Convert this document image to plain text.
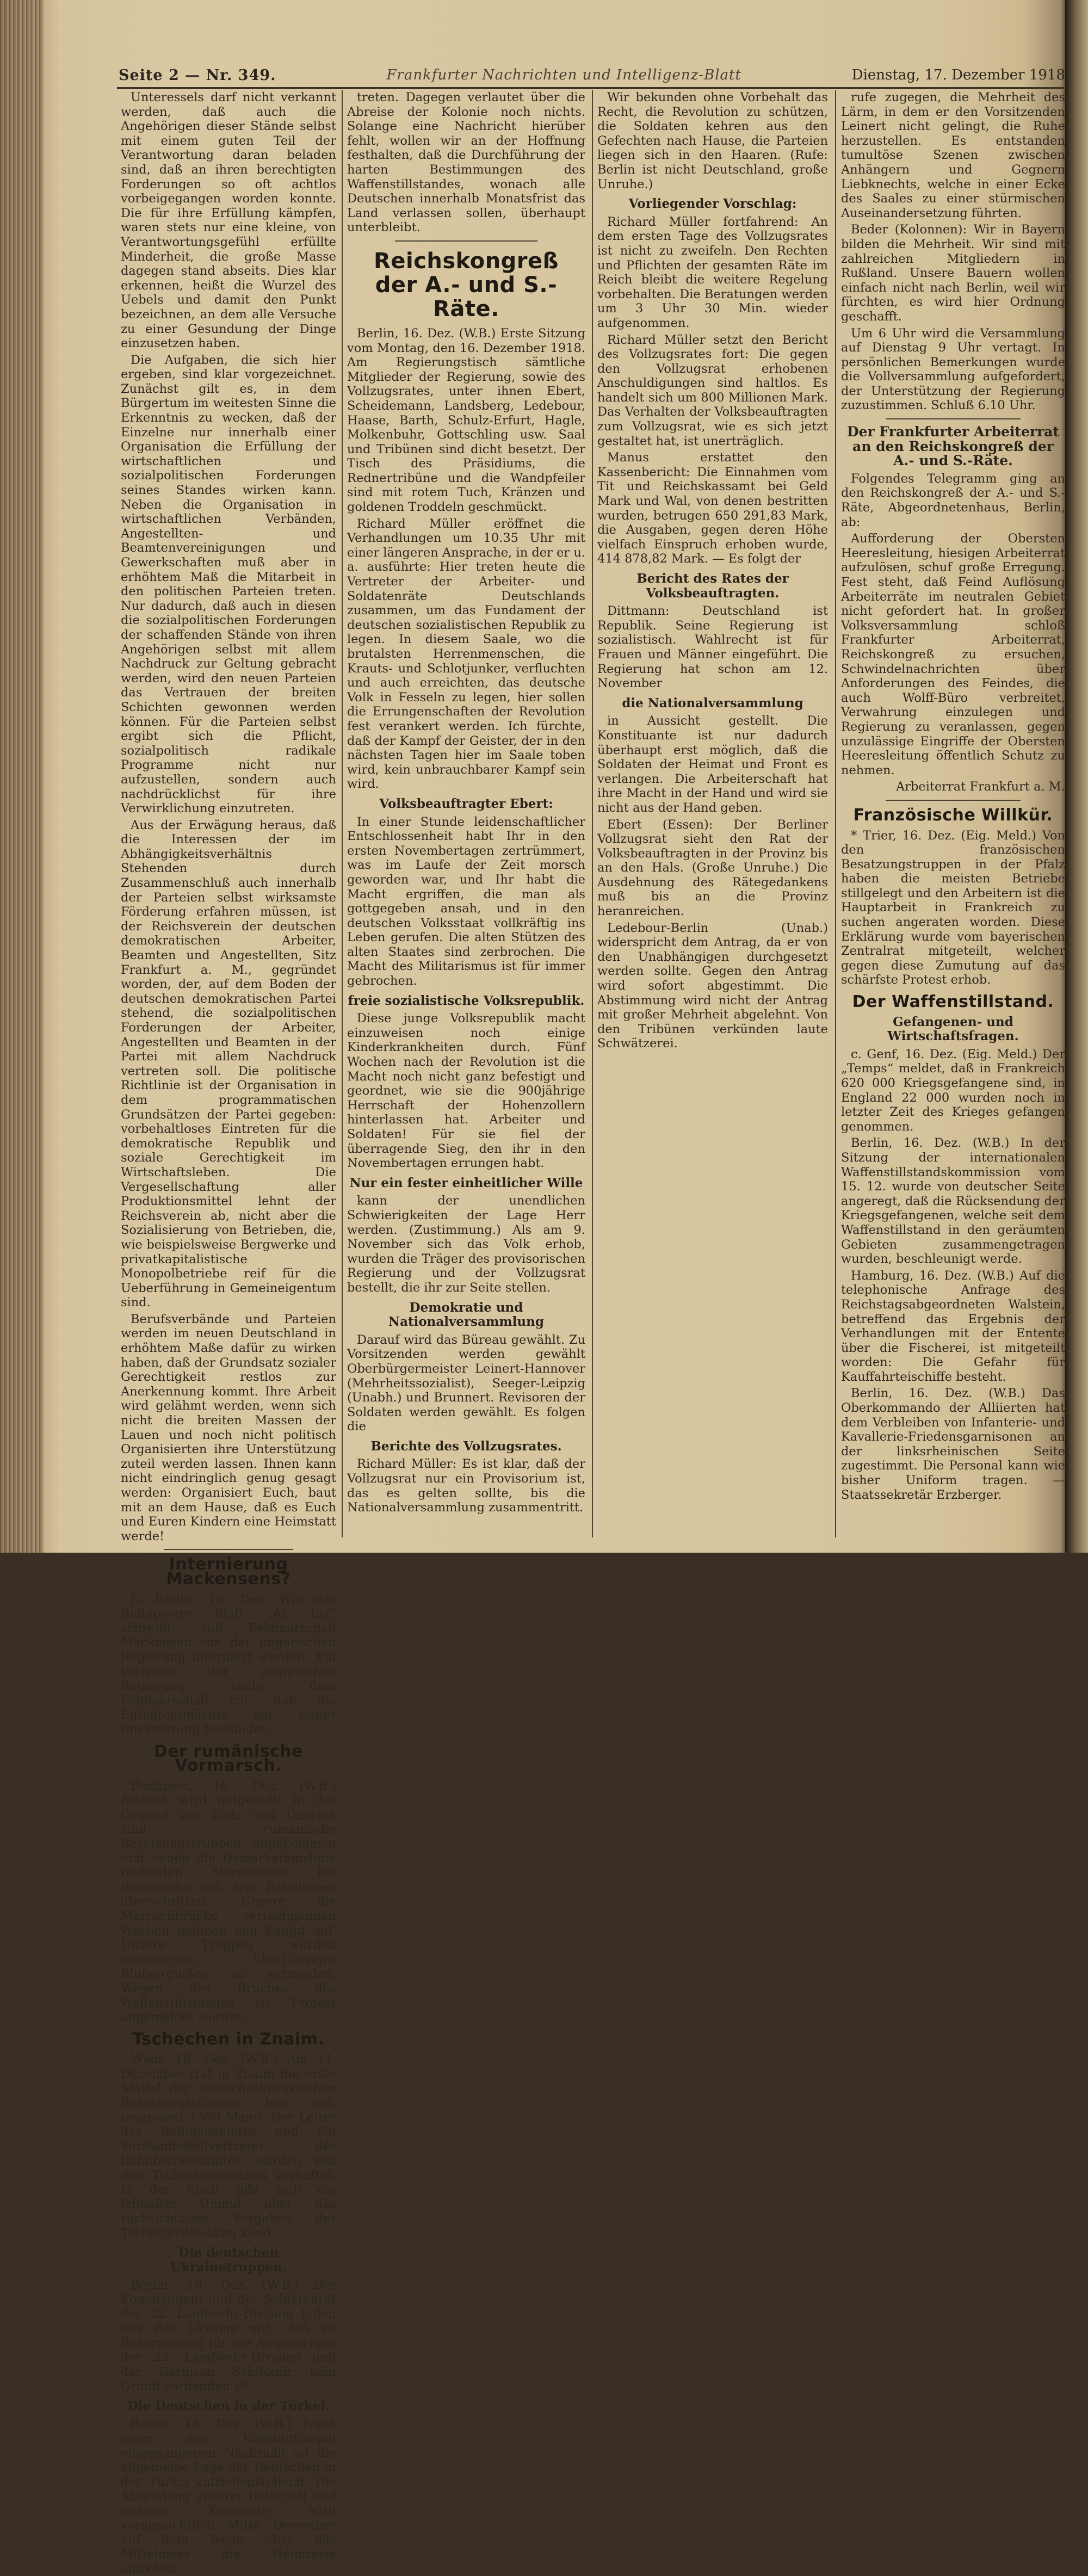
Seite 2 — Nr. 349.	Frankfurter Nachrichten und Intelligenz-Blatt	Dienstag, 17. Dezember 1918

Unteressels darf nicht verkannt werden, daß auch die Angehörigen dieser Stände selbst mit einem guten Teil der Verantwortung daran beladen sind, daß an ihren berechtigten Forderungen so oft achtlos vorbeigegangen worden konnte. Die für ihre Erfüllung kämpfen, waren stets nur eine kleine, von Verantwortungsgefühl erfüllte Minderheit, die große Masse dagegen stand abseits. Dies klar erkennen, heißt die Wurzel des Uebels und damit den Punkt bezeichnen, an dem alle Versuche zu einer Gesundung der Dinge einzusetzen haben.

Die Aufgaben, die sich hier ergeben, sind klar vorgezeichnet. Zunächst gilt es, in dem Bürgertum im weitesten Sinne die Erkenntnis zu wecken, daß der Einzelne nur innerhalb einer Organisation die Erfüllung der wirtschaftlichen und sozialpolitischen Forderungen seines Standes wirken kann. Neben die Organisation in wirtschaftlichen Verbänden, Angestellten- und Beamtenvereinigungen und Gewerkschaften muß aber in erhöhtem Maß die Mitarbeit in den politischen Parteien treten. Nur dadurch, daß auch in diesen die sozialpolitischen Forderungen der schaffenden Stände von ihren Angehörigen selbst mit allem Nachdruck zur Geltung gebracht werden, wird den neuen Parteien das Vertrauen der breiten Schichten gewonnen werden können. Für die Parteien selbst ergibt sich die Pflicht, sozialpolitisch radikale Programme nicht nur aufzustellen, sondern auch nachdrücklichst für ihre Verwirklichung einzutreten.

Aus der Erwägung heraus, daß die Interessen der im Abhängigkeitsverhältnis Stehenden durch Zusammenschluß auch innerhalb der Parteien selbst wirksamste Förderung erfahren müssen, ist der Reichsverein der deutschen demokratischen Arbeiter, Beamten und Angestellten, Sitz Frankfurt a. M., gegründet worden, der, auf dem Boden der deutschen demokratischen Partei stehend, die sozialpolitischen Forderungen der Arbeiter, Angestellten und Beamten in der Partei mit allem Nachdruck vertreten soll. Die politische Richtlinie ist der Organisation in dem programmatischen Grundsätzen der Partei gegeben: vorbehaltloses Eintreten für die demokratische Republik und soziale Gerechtigkeit im Wirtschaftsleben. Die Vergesellschaftung aller Produktionsmittel lehnt der Reichsverein ab, nicht aber die Sozialisierung von Betrieben, die, wie beispielsweise Bergwerke und privatkapitalistische Monopolbetriebe reif für die Ueberführung in Gemeineigentum sind.

Berufsverbände und Parteien werden im neuen Deutschland in erhöhtem Maße dafür zu wirken haben, daß der Grundsatz sozialer Gerechtigkeit restlos zur Anerkennung kommt. Ihre Arbeit wird gelähmt werden, wenn sich nicht die breiten Massen der Lauen und noch nicht politisch Organisierten ihre Unterstützung zuteil werden lassen. Ihnen kann nicht eindringlich genug gesagt werden: Organisiert Euch, baut mit an dem Hause, daß es Euch und Euren Kindern eine Heimstatt werde!

Internierung Mackensens?

h. Berlin, 16. Dez. Wie das Budapester Blatt „Az Est“ schreibt, soll Feldmarschall Mackensen von der ungarischen Regierung interniert werden. Ein Vertreter der ungarischen Regierung teilte dem Feldmarschall mit, daß die Entententmächte auf seiner Internierung bestünden.

Der rumänische Vormarsch.

Budapest, 16. Dez. (W.B.) Amtlich wird mitgeteilt: In der Gegend von Piski und Dimrich sind rumänische Besetzungstruppen angekommen und haben die Demarkationslinie bildenden Marosschild bei Branniczka mit drei Bataillonen überschritten. Unsere die Maroschbrücke verteidigenden Wachen nahmen den Kampf auf. Unsere Truppen wurden angewiesen, überflüssiges Blutvergießen zu vermeiden. Wegen des Bruches des Waffenstillstandes ist Protest angemeldet worden.

Tschechen in Znaim.

Wien, 16. Dez. (W.B.) Am 14. Dezember traf in Znaim die erste Staffel der tschechoslowakischen Besetzungstruppen hier ein, insgesamt 1500 Mann. Der Leiter des Bahnpostamtes und ein Vorstandsstellvertreter des Bahnbetriebsamtes wurden von den Tschechoslowaken verhaftet. In der Stadt gibt sich ein lebhafter Unmut über das rücksichtslose Vorgehen der Tschechoslowaken kund.

Die deutschen Ukrainetruppen.

Berlin, 16. Dez. (W.B.) Der Kommandant und der Soldatenrat der 22. Landwehr-Division teilen aus der Ukraine mit, daß zu Besorgnissen für die Angehörigen der 22. Landwehr-Division und der Garnison Schitomir kein Grund vorhanden ist.

Die Deutschen in der Türkei.

Berlin, 15. Dez. (W.B.) Nach einer aus Konstantinopel eingegangenen Nachricht ist die allgemeine Lage der Deutschen in der Türkei zufriedenstellend. Die Absendung unserer Botschaft und unserer Konsulate wird voraussichtlich Mitte Dezember auf dem Wege über das Mittelmeer die Heimreise antreten.

treten. Dagegen verlautet über die Abreise der Kolonie noch nichts. Solange eine Nachricht hierüber fehlt, wollen wir an der Hoffnung festhalten, daß die Durchführung der harten Bestimmungen des Waffenstillstandes, wonach alle Deutschen innerhalb Monatsfrist das Land verlassen sollen, überhaupt unterbleibt.

Reichskongreß
der A.- und S.-Räte.

Berlin, 16. Dez. (W.B.) Erste Sitzung vom Montag, den 16. Dezember 1918. Am Regierungstisch sämtliche Mitglieder der Regierung, sowie des Vollzugsrates, unter ihnen Ebert, Scheidemann, Landsberg, Ledebour, Haase, Barth, Schulz-Erfurt, Hagle, Molkenbuhr, Gottschling usw. Saal und Tribünen sind dicht besetzt. Der Tisch des Präsidiums, die Rednertribüne und die Wandpfeiler sind mit rotem Tuch, Kränzen und goldenen Troddeln geschmückt.

Richard Müller eröffnet die Verhandlungen um 10.35 Uhr mit einer längeren Ansprache, in der er u. a. ausführte: Hier treten heute die Vertreter der Arbeiter- und Soldatenräte Deutschlands zusammen, um das Fundament der deutschen sozialistischen Republik zu legen. In diesem Saale, wo die brutalsten Herrenmenschen, die Krauts- und Schlotjunker, verfluchten und auch erreichten, das deutsche Volk in Fesseln zu legen, hier sollen die Errungenschaften der Revolution fest verankert werden. Ich fürchte, daß der Kampf der Geister, der in den nächsten Tagen hier im Saale toben wird, kein unbrauchbarer Kampf sein wird.

Volksbeauftragter Ebert:

In einer Stunde leidenschaftlicher Entschlossenheit habt Ihr in den ersten Novembertagen zertrümmert, was im Laufe der Zeit morsch geworden war, und Ihr habt die Macht ergriffen, die man als gottgegeben ansah, und in den deutschen Volksstaat vollkräftig ins Leben gerufen. Die alten Stützen des alten Staates sind zerbrochen. Die Macht des Militarismus ist für immer gebrochen.

freie sozialistische Volksrepublik.

Diese junge Volksrepublik macht einzuweisen noch einige Kinderkrankheiten durch. Fünf Wochen nach der Revolution ist die Macht noch nicht ganz befestigt und geordnet, wie sie die 900jährige Herrschaft der Hohenzollern hinterlassen hat. Arbeiter und Soldaten! Für sie fiel der überragende Sieg, den ihr in den Novembertagen errungen habt.

Nur ein fester einheitlicher Wille

kann der unendlichen Schwierigkeiten der Lage Herr werden. (Zustimmung.) Als am 9. November sich das Volk erhob, wurden die Träger des provisorischen Regierung und der Vollzugsrat bestellt, die ihr zur Seite stellen.

Demokratie und Nationalversammlung

Darauf wird das Büreau gewählt. Zu Vorsitzenden werden gewählt Oberbürgermeister Leinert-Hannover (Mehrheitssozialist), Seeger-Leipzig (Unabh.) und Brunnert. Revisoren der Soldaten werden gewählt. Es folgen die

Berichte des Vollzugsrates.

Richard Müller: Es ist klar, daß der Vollzugsrat nur ein Provisorium ist, das es gelten sollte, bis die Nationalversammlung zusammentritt.

Wir bekunden ohne Vorbehalt das Recht, die Revolution zu schützen, die Soldaten kehren aus den Gefechten nach Hause, die Parteien liegen sich in den Haaren. (Rufe: Berlin ist nicht Deutschland, große Unruhe.)

Vorliegender Vorschlag:

Richard Müller fortfahrend: An dem ersten Tage des Vollzugsrates ist nicht zu zweifeln. Den Rechten und Pflichten der gesamten Räte im Reich bleibt die weitere Regelung vorbehalten. Die Beratungen werden um 3 Uhr 30 Min. wieder aufgenommen.

Richard Müller setzt den Bericht des Vollzugsrates fort: Die gegen den Vollzugsrat erhobenen Anschuldigungen sind haltlos. Es handelt sich um 800 Millionen Mark. Das Verhalten der Volksbeauftragten zum Vollzugsrat, wie es sich jetzt gestaltet hat, ist unerträglich.

Manus erstattet den Kassenbericht: Die Einnahmen vom Tit und Reichskassamt bei Geld Mark und Wal, von denen bestritten wurden, betrugen 650 291,83 Mark, die Ausgaben, gegen deren Höhe vielfach Einspruch erhoben wurde, 414 878,82 Mark. — Es folgt der

Bericht des Rates der Volksbeauftragten.

Dittmann: Deutschland ist Republik. Seine Regierung ist sozialistisch. Wahlrecht ist für Frauen und Männer eingeführt. Die Regierung hat schon am 12. November

die Nationalversammlung

in Aussicht gestellt. Die Konstituante ist nur dadurch überhaupt erst möglich, daß die Soldaten der Heimat und Front es verlangen. Die Arbeiterschaft hat ihre Macht in der Hand und wird sie nicht aus der Hand geben.

Ebert (Essen): Der Berliner Vollzugsrat sieht den Rat der Volksbeauftragten in der Provinz bis an den Hals. (Große Unruhe.) Die Ausdehnung des Rätegedankens muß bis an die Provinz heranreichen.

Ledebour-Berlin (Unab.) widerspricht dem Antrag, da er von den Unabhängigen durchgesetzt werden sollte. Gegen den Antrag wird sofort abgestimmt. Die Abstimmung wird nicht der Antrag mit großer Mehrheit abgelehnt. Von den Tribünen verkünden laute Schwätzerei.

rufe zugegen, die Mehrheit des Lärm, in dem er den Vorsitzenden Leinert nicht gelingt, die Ruhe herzustellen. Es entstanden tumultöse Szenen zwischen Anhängern und Gegnern Liebknechts, welche in einer Ecke des Saales zu einer stürmischen Auseinandersetzung führten.

Beder (Kolonnen): Wir in Bayern bilden die Mehrheit. Wir sind mit zahlreichen Mitgliedern in Rußland. Unsere Bauern wollen einfach nicht nach Berlin, weil wir fürchten, es wird hier Ordnung geschafft.

Um 6 Uhr wird die Versammlung auf Dienstag 9 Uhr vertagt. In persönlichen Bemerkungen wurde die Vollversammlung aufgefordert, der Unterstützung der Regierung zuzustimmen. Schluß 6.10 Uhr.

Der Frankfurter Arbeiterrat an den Reichskongreß der A.- und S.-Räte.

Folgendes Telegramm ging an den Reichskongreß der A.- und S.-Räte, Abgeordnetenhaus, Berlin, ab:

Aufforderung der Obersten Heeresleitung, hiesigen Arbeiterrat aufzulösen, schuf große Erregung. Fest steht, daß Feind Auflösung Arbeiterräte im neutralen Gebiet nicht gefordert hat. In großer Volksversammlung schloß Frankfurter Arbeiterrat, Reichskongreß zu ersuchen, Schwindelnachrichten über Anforderungen des Feindes, die auch Wolff-Büro verbreitet, Verwahrung einzulegen und Regierung zu veranlassen, gegen unzulässige Eingriffe der Obersten Heeresleitung öffentlich Schutz zu nehmen.

Arbeiterrat Frankfurt a. M.

Französische Willkür.

* Trier, 16. Dez. (Eig. Meld.) Von den französischen Besatzungstruppen in der Pfalz haben die meisten Betriebe stillgelegt und den Arbeitern ist die Hauptarbeit in Frankreich zu suchen angeraten worden. Diese Erklärung wurde vom bayerischen Zentralrat mitgeteilt, welcher gegen diese Zumutung auf das schärfste Protest erhob.

Der Waffenstillstand.
Gefangenen- und Wirtschaftsfragen.

c. Genf, 16. Dez. (Eig. Meld.) Der „Temps“ meldet, daß in Frankreich 620 000 Kriegsgefangene sind, in England 22 000 wurden noch in letzter Zeit des Krieges gefangen genommen.

Berlin, 16. Dez. (W.B.) In der Sitzung der internationalen Waffenstillstandskommission vom 15. 12. wurde von deutscher Seite angeregt, daß die Rücksendung der Kriegsgefangenen, welche seit dem Waffenstillstand in den geräumten Gebieten zusammengetragen wurden, beschleunigt werde.

Hamburg, 16. Dez. (W.B.) Auf die telephonische Anfrage des Reichstagsabgeordneten Walstein, betreffend das Ergebnis der Verhandlungen mit der Entente über die Fischerei, ist mitgeteilt worden: Die Gefahr für Kauffahrteischiffe besteht.

Berlin, 16. Dez. (W.B.) Das Oberkommando der Alliierten hat dem Verbleiben von Infanterie- und Kavallerie-Friedensgarnisonen an der linksrheinischen Seite zugestimmt. Die Personal kann wie bisher Uniform tragen. — Staatssekretär Erzberger.
